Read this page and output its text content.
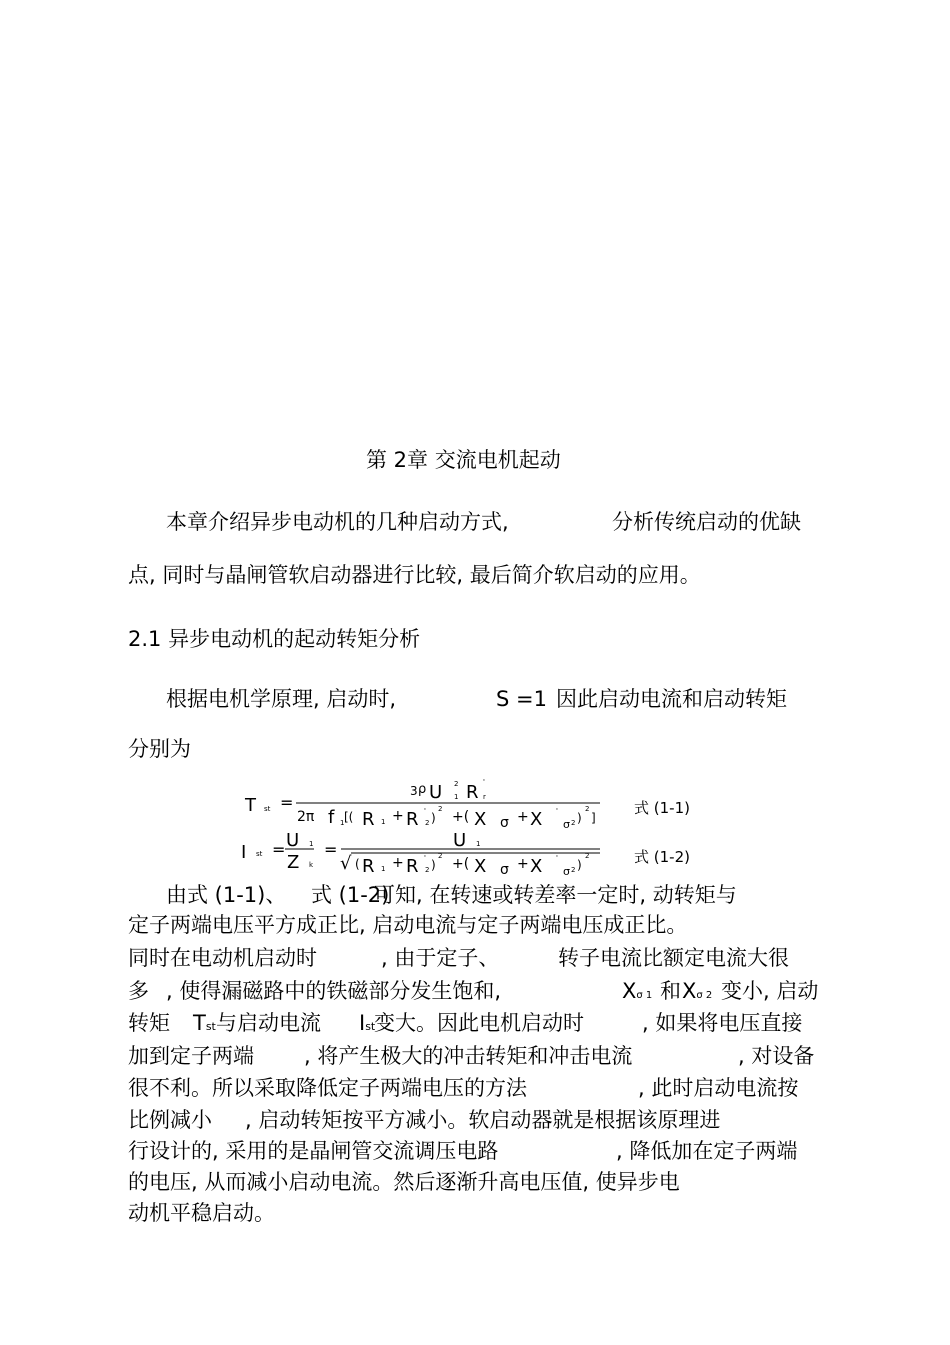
第 2章 交流电机起动
本章介绍异步电动机的几种启动方式,	分析传统启动的优缺
点, 同时与晶闸管软启动器进行比较, 最后简介软启动的应用。
2.1 异步电动机的起动转矩分析
根据电机学原理, 启动时,	S =1 因此启动电流和启动转矩
分别为
T st =
3 ρ U 2
1 R '
r
2π f 1 [( R 1 + R '
2 )
2 +( X σ + X '
σ 2 )
2
]
式 (1-1)
I st = U 1
Z k
=	U 1
√ ( R 1 + R '
2 )
2 +( X σ + X '
σ 2 )
2	式 (1-2)
由式 (1-1)、 式 (1-2)
可知, 在转速或转差率一定时, 动转矩与
定子两端电压平方成正比, 启动电流与定子两端电压成正比。
同时在电动机启动时	, 由于定子、	转子电流比额定电流大很
多 , 使得漏磁路中的铁磁部分发生饱和,	Xσ 1 和 Xσ 2 变小, 启动
转矩 Tst 与启动电流 Ist
变大。因此电机启动时	, 如果将电压直接
加到定子两端 , 将产生极大的冲击转矩和冲击电流	, 对设备
很不利。所以采取降低定子两端电压的方法	, 此时启动电流按
比例减小 , 启动转矩按平方减小。软启动器就是根据该原理进
行设计的, 采用的是晶闸管交流调压电路	, 降低加在定子两端
的电压, 从而减小启动电流。然后逐渐升高电压值, 使异步电
动机平稳启动。
